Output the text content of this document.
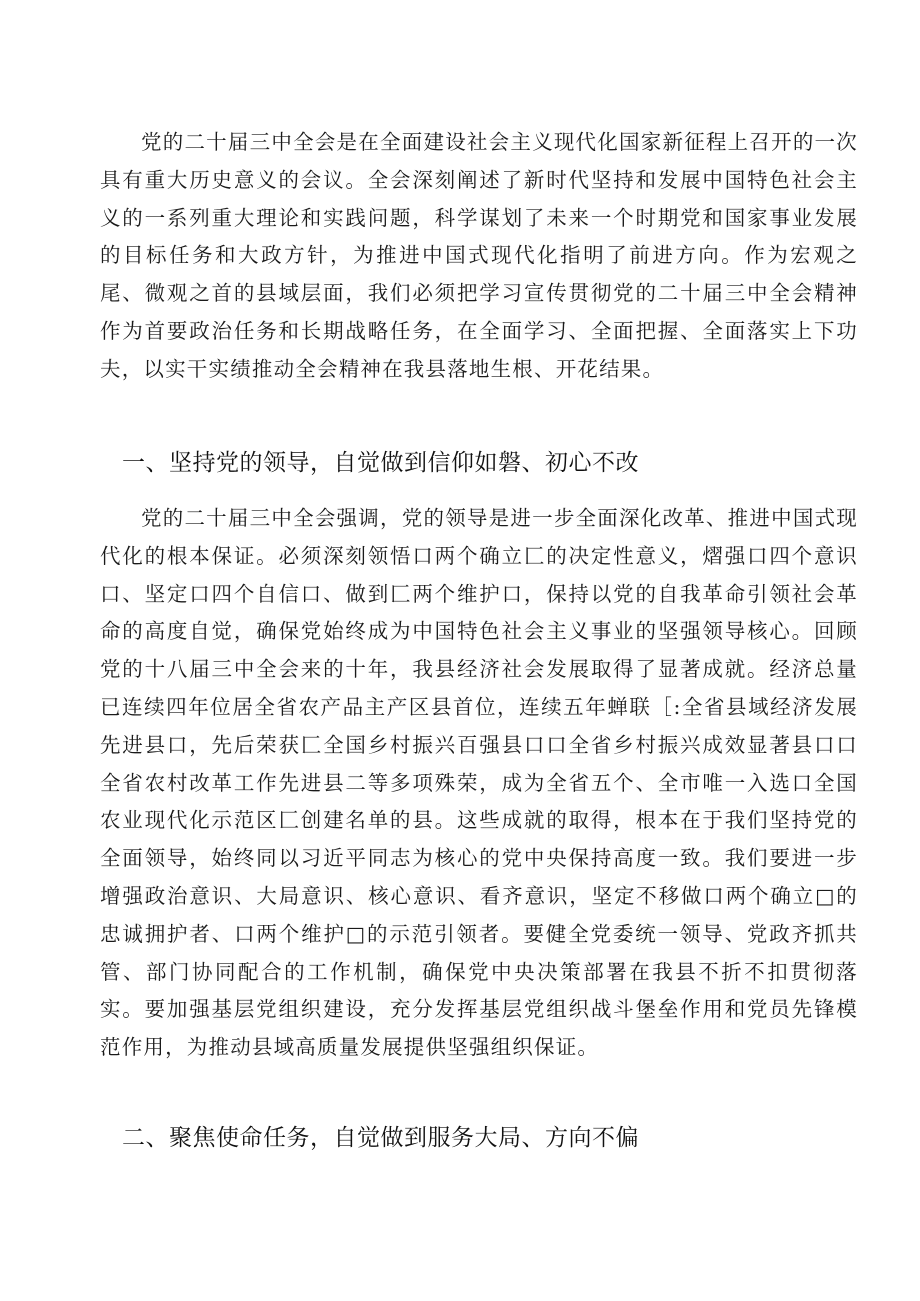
党的二十届三中全会是在全面建设社会主义现代化国家新征程上召开的一次具有重大历史意义的会议。全会深刻阐述了新时代坚持和发展中国特色社会主义的一系列重大理论和实践问题，科学谋划了未来一个时期党和国家事业发展的目标任务和大政方针，为推进中国式现代化指明了前进方向。作为宏观之尾、微观之首的县域层面，我们必须把学习宣传贯彻党的二十届三中全会精神作为首要政治任务和长期战略任务，在全面学习、全面把握、全面落实上下功夫，以实干实绩推动全会精神在我县落地生根、开花结果。

一、坚持党的领导，自觉做到信仰如磐、初心不改

党的二十届三中全会强调，党的领导是进一步全面深化改革、推进中国式现代化的根本保证。必须深刻领悟口两个确立匚的决定性意义，熠强口四个意识口、坚定口四个自信口、做到匚两个维护口，保持以党的自我革命引领社会革命的高度自觉，确保党始终成为中国特色社会主义事业的坚强领导核心。回顾党的十八届三中全会来的十年，我县经济社会发展取得了显著成就。经济总量已连续四年位居全省农产品主产区县首位，连续五年蝉联［:全省县域经济发展先进县口，先后荣获匚全国乡村振兴百强县口口全省乡村振兴成效显著县口口全省农村改革工作先进县二等多项殊荣，成为全省五个、全市唯一入选口全国农业现代化示范区匚创建名单的县。这些成就的取得，根本在于我们坚持党的全面领导，始终同以习近平同志为核心的党中央保持高度一致。我们要进一步增强政治意识、大局意识、核心意识、看齐意识，坚定不移做口两个确立□的忠诚拥护者、口两个维护□的示范引领者。要健全党委统一领导、党政齐抓共管、部门协同配合的工作机制，确保党中央决策部署在我县不折不扣贯彻落实。要加强基层党组织建设，充分发挥基层党组织战斗堡垒作用和党员先锋模范作用，为推动县域高质量发展提供坚强组织保证。

二、聚焦使命任务，自觉做到服务大局、方向不偏
